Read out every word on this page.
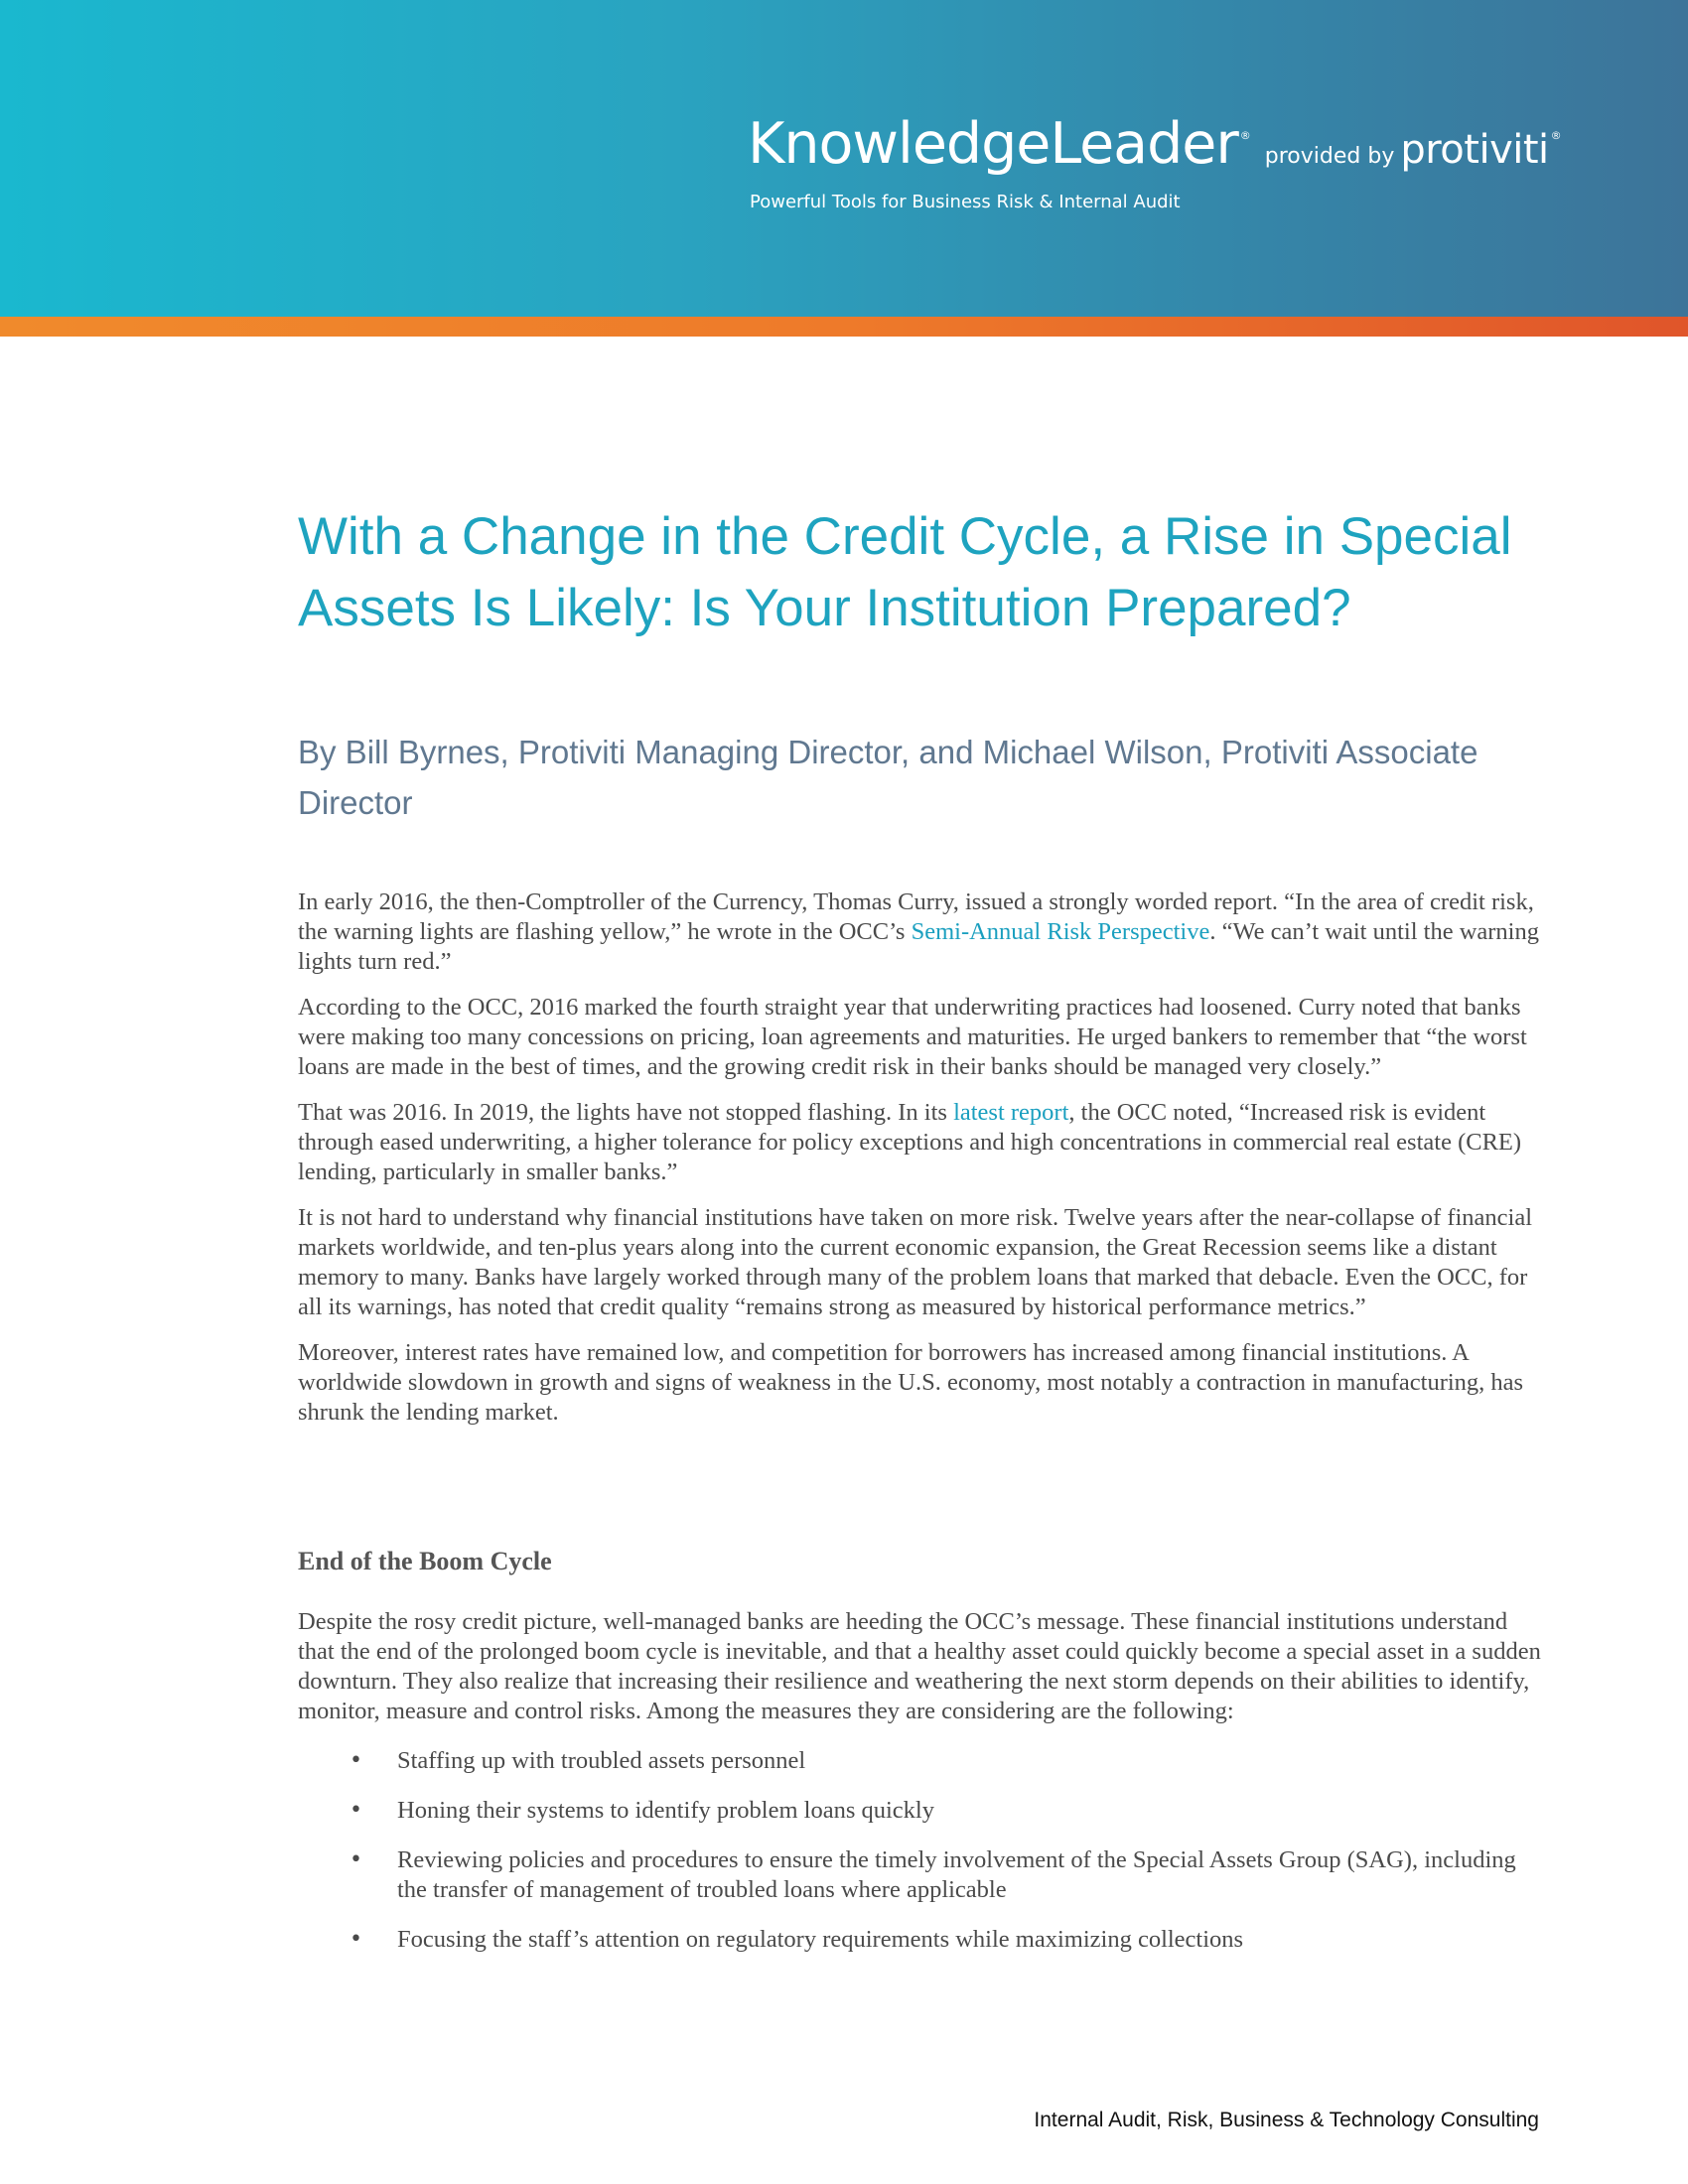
KnowledgeLeader ®provided by protiviti ®
Powerful Tools for Business Risk & Internal Audit
With a Change in the Credit Cycle, a Rise in Special Assets Is Likely: Is Your Institution Prepared?

By Bill Byrnes, Protiviti Managing Director, and Michael Wilson, Protiviti Associate Director

In early 2016, the then-Comptroller of the Currency, Thomas Curry, issued a strongly worded report. “In the area of credit risk, the warning lights are flashing yellow,” he wrote in the OCC’s Semi-Annual Risk Perspective. “We can’t wait until the warning lights turn red.”

According to the OCC, 2016 marked the fourth straight year that underwriting practices had loosened. Curry noted that banks were making too many concessions on pricing, loan agreements and maturities. He urged bankers to remember that “the worst loans are made in the best of times, and the growing credit risk in their banks should be managed very closely.”

That was 2016. In 2019, the lights have not stopped flashing. In its latest report, the OCC noted, “Increased risk is evident through eased underwriting, a higher tolerance for policy exceptions and high concentrations in commercial real estate (CRE) lending, particularly in smaller banks.”

It is not hard to understand why financial institutions have taken on more risk. Twelve years after the near-collapse of financial markets worldwide, and ten-plus years along into the current economic expansion, the Great Recession seems like a distant memory to many. Banks have largely worked through many of the problem loans that marked that debacle. Even the OCC, for all its warnings, has noted that credit quality “remains strong as measured by historical performance metrics.”

Moreover, interest rates have remained low, and competition for borrowers has increased among financial institutions. A worldwide slowdown in growth and signs of weakness in the U.S. economy, most notably a contraction in manufacturing, has shrunk the lending market.

End of the Boom Cycle

Despite the rosy credit picture, well-managed banks are heeding the OCC’s message. These financial institutions understand that the end of the prolonged boom cycle is inevitable, and that a healthy asset could quickly become a special asset in a sudden downturn. They also realize that increasing their resilience and weathering the next storm depends on their abilities to identify, monitor, measure and control risks. Among the measures they are considering are the following:

• Staffing up with troubled assets personnel
• Honing their systems to identify problem loans quickly
• Reviewing policies and procedures to ensure the timely involvement of the Special Assets Group (SAG), including the transfer of management of troubled loans where applicable
• Focusing the staff’s attention on regulatory requirements while maximizing collections
Internal Audit, Risk, Business & Technology Consulting
